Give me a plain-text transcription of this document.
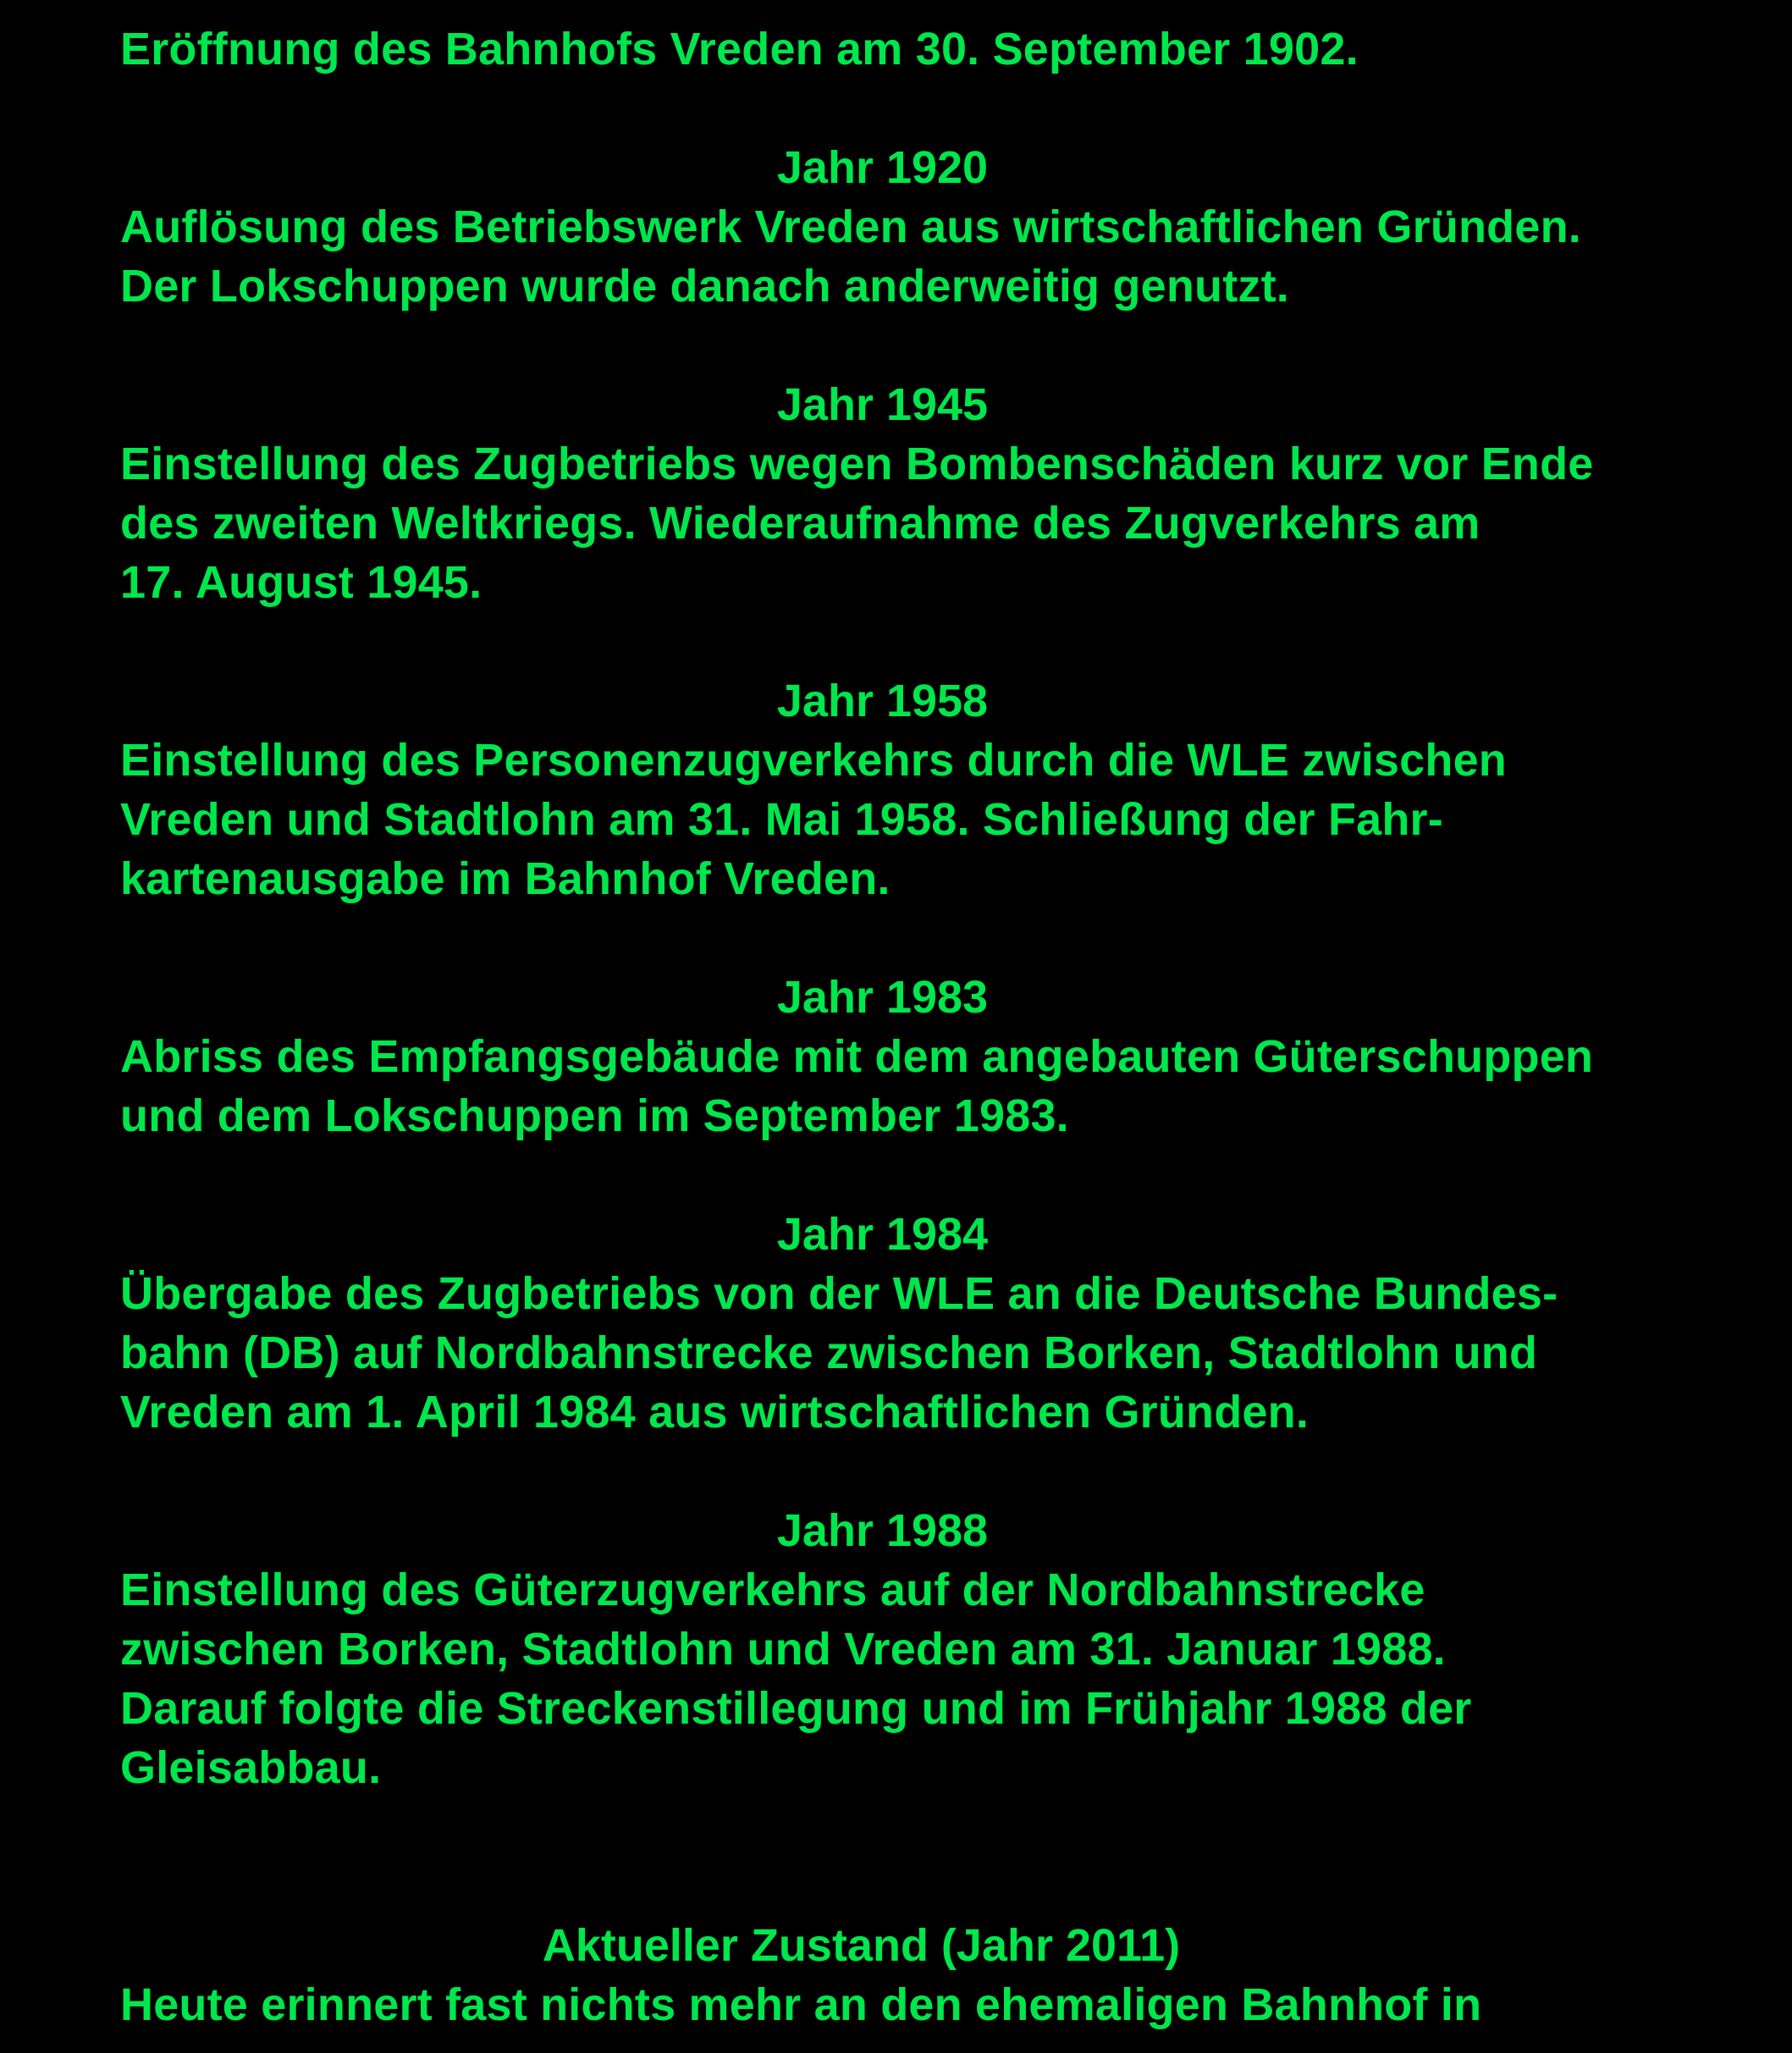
Eröffnung des Bahnhofs Vreden am 30. September 1902.
Jahr 1920
Auflösung des Betriebswerk Vreden aus wirtschaftlichen Gründen.
Der Lokschuppen wurde danach anderweitig genutzt.
Jahr 1945
Einstellung des Zugbetriebs wegen Bombenschäden kurz vor Ende
des zweiten Weltkriegs. Wiederaufnahme des Zugverkehrs am
17. August 1945.
Jahr 1958
Einstellung des Personenzugverkehrs durch die WLE zwischen
Vreden und Stadtlohn am 31. Mai 1958. Schließung der Fahr-
kartenausgabe im Bahnhof Vreden.
Jahr 1983
Abriss des Empfangsgebäude mit dem angebauten Güterschuppen
und dem Lokschuppen im September 1983.
Jahr 1984
Übergabe des Zugbetriebs von der WLE an die Deutsche Bundes-
bahn (DB) auf Nordbahnstrecke zwischen Borken, Stadtlohn und
Vreden am 1. April 1984 aus wirtschaftlichen Gründen.
Jahr 1988
Einstellung des Güterzugverkehrs auf der Nordbahnstrecke
zwischen Borken, Stadtlohn und Vreden am 31. Januar 1988.
Darauf folgte die Streckenstillegung und im Frühjahr 1988 der
Gleisabbau.
Aktueller Zustand (Jahr 2011)
Heute erinnert fast nichts mehr an den ehemaligen Bahnhof in
